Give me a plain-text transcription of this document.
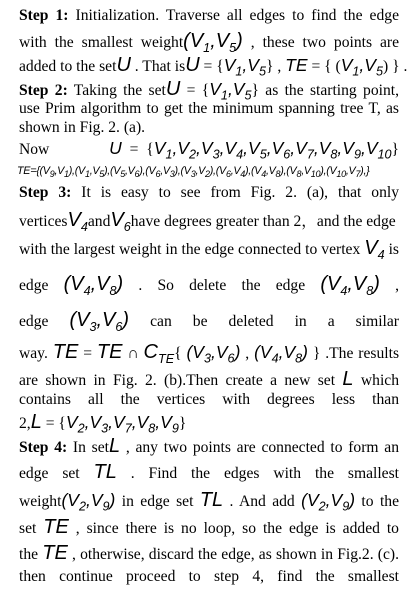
Step 1: Initialization. Traverse all edges to find the edge
with the smallest $weight(V_1,V_5)$ , these two points are
added to the setU . That isU = $\{V_1,V_5\}$ , TE = { $(V_1,V_5)$ } .
Step 2: Taking the setU = $\{V_1,V_5\}$ as the starting point,
use Prim algorithm to get the minimum spanning tree T, as
shown in Fig. 2. (a).
Now	$U = \{V_1,V_2,V_3,V_4,V_5,V_6,V_7,V_8,V_9,V_{10}\}$
$TE=\{(V_9,V_1),(V_1,V_5),(V_5,V_6),(V_6,V_3),(V_3,V_2),(V_6,V_4),(V_4,V_8),(V_8,V_{10}),(V_{10},V_7),\}$
Step 3: It is easy to see from Fig. 2. (a), that only
verticesV$_4$andV$_6$have degrees greater than 2，and the edge
with the largest weight in the edge connected to vertex $V_4$ is
edge $(V_4,V_8)$ . So delete the edge $(V_4,V_8)$ ,
edge $(V_3,V_6)$ can be deleted in a similar
way. TE = TE ∩ $C_{TE}${ $(V_3,V_6)$ , $(V_4,V_8)$ } .The results
are shown in Fig. 2. (b).Then create a new set L which
contains all the vertices with degrees less than
$2,L = \{V_2,V_3,V_7,V_8,V_9\}$
Step 4: In setL , any two points are connected to form an
edge set TL . Find the edges with the smallest
$weight(V_2,V_9)$ in edge set TL . And add $(V_2,V_9)$ to the
set TE , since there is no loop, so the edge is added to
the TE , otherwise, discard the edge, as shown in Fig.2. (c).
then continue proceed to step 4, find the smallest
